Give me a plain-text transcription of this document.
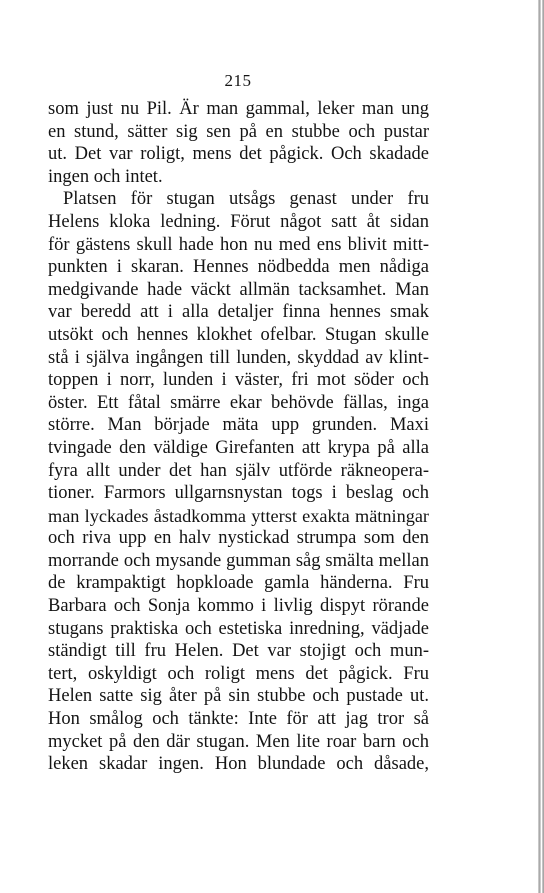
215
som just nu Pil. Är man gammal, leker man ung
en stund, sätter sig sen på en stubbe och pustar
ut. Det var roligt, mens det pågick. Och skadade
ingen och intet.
Platsen för stugan utsågs genast under fru
Helens kloka ledning. Förut något satt åt sidan
för gästens skull hade hon nu med ens blivit mitt-
punkten i skaran. Hennes nödbedda men nådiga
medgivande hade väckt allmän tacksamhet. Man
var beredd att i alla detaljer finna hennes smak
utsökt och hennes klokhet ofelbar. Stugan skulle
stå i själva ingången till lunden, skyddad av klint-
toppen i norr, lunden i väster, fri mot söder och
öster. Ett fåtal smärre ekar behövde fällas, inga
större. Man började mäta upp grunden. Maxi
tvingade den väldige Girefanten att krypa på alla
fyra allt under det han själv utförde räkneopera-
tioner. Farmors ullgarnsnystan togs i beslag och
man lyckades åstadkomma ytterst exakta mätningar
och riva upp en halv nystickad strumpa som den
morrande och mysande gumman såg smälta mellan
de krampaktigt hopkloade gamla händerna. Fru
Barbara och Sonja kommo i livlig dispyt rörande
stugans praktiska och estetiska inredning, vädjade
ständigt till fru Helen. Det var stojigt och mun-
tert, oskyldigt och roligt mens det pågick. Fru
Helen satte sig åter på sin stubbe och pustade ut.
Hon smålog och tänkte: Inte för att jag tror så
mycket på den där stugan. Men lite roar barn och
leken skadar ingen. Hon blundade och dåsade,
